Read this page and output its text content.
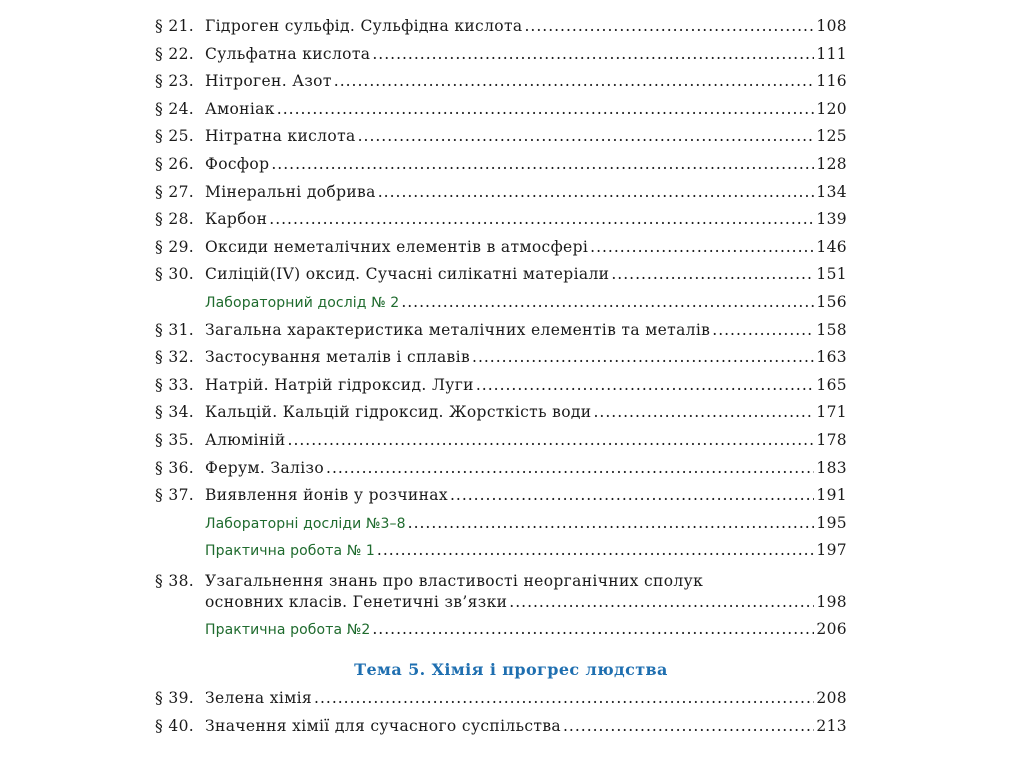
§ 21. Гідроген сульфід. Сульфідна кислота .....	108
§ 22. Сульфатна кислота .....	111
§ 23. Нітроген. Азот .....	116
§ 24. Амоніак .....	120
§ 25. Нітратна кислота .....	125
§ 26. Фосфор .....	128
§ 27. Мінеральні добрива .....	134
§ 28. Карбон .....	139
§ 29. Оксиди неметалічних елементів в атмосфері .....	146
§ 30. Силіцій(IV) оксид. Сучасні силікатні матеріали .....	151
Лабораторний дослід № 2 .....	156
§ 31. Загальна характеристика металічних елементів та металів .....	158
§ 32. Застосування металів і сплавів .....	163
§ 33. Натрій. Натрій гідроксид. Луги .....	165
§ 34. Кальцій. Кальцій гідроксид. Жорсткість води .....	171
§ 35. Алюміній .....	178
§ 36. Ферум. Залізо .....	183
§ 37. Виявлення йонів у розчинах .....	191
Лабораторні досліди №3–8 .....	195
Практична робота № 1 .....	197
§ 38. Узагальнення знань про властивості неорганічних сполук
основних класів. Генетичні зв’язки .....	198
Практична робота №2 .....	206
Тема 5. Хімія і прогрес людства
§ 39. Зелена хімія .....	208
§ 40. Значення хімії для сучасного суспільства .....	213
